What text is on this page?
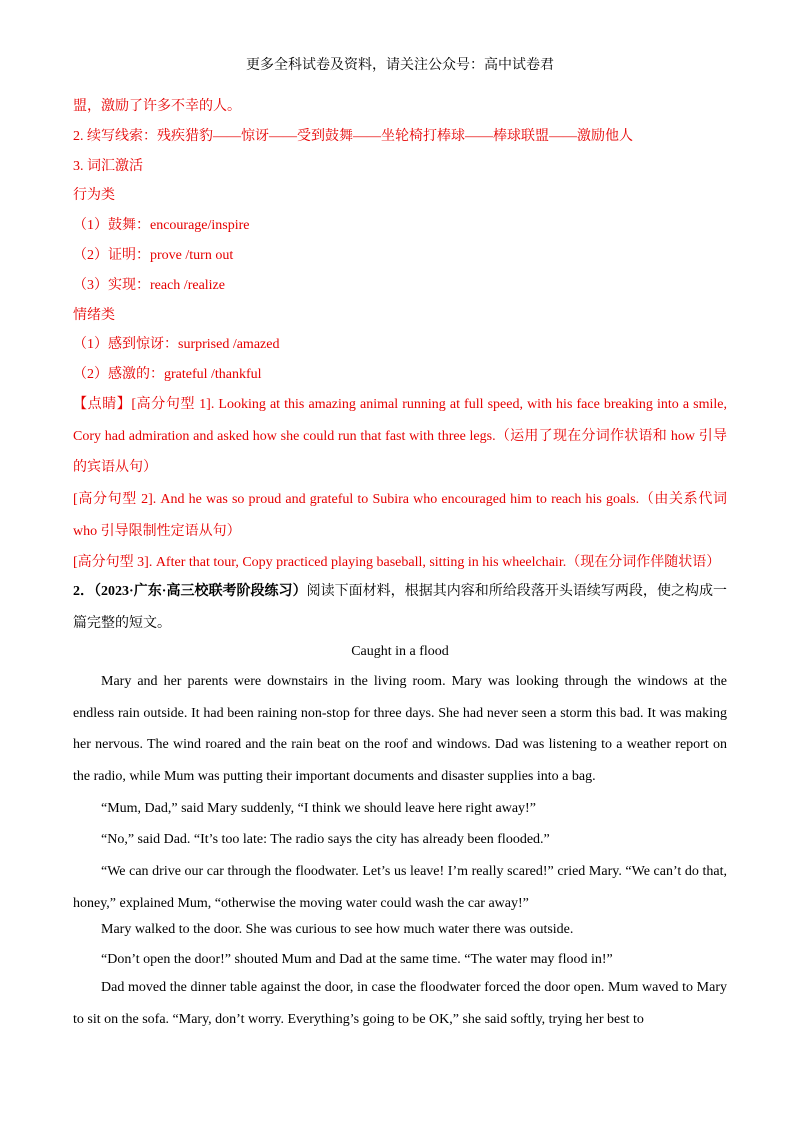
更多全科试卷及资料，请关注公众号：高中试卷君
盟，激励了许多不幸的人。
2. 续写线索：残疾猎豹——惊讶——受到鼓舞——坐轮椅打棒球——棒球联盟——激励他人
3. 词汇激活
行为类
（1）鼓舞：encourage/inspire
（2）证明：prove /turn out
（3）实现：reach /realize
情绪类
（1）感到惊讶：surprised /amazed
（2）感激的：grateful /thankful
【点睛】[高分句型 1]. Looking at this amazing animal running at full speed, with his face breaking into a smile, Cory had admiration and asked how she could run that fast with three legs.（运用了现在分词作状语和 how 引导的宾语从句）
[高分句型 2]. And he was so proud and grateful to Subira who encouraged him to reach his goals.（由关系代词 who 引导限制性定语从句）
[高分句型 3]. After that tour, Copy practiced playing baseball, sitting in his wheelchair.（现在分词作伴随状语）
2．（2023·广东·高三校联考阶段练习）阅读下面材料，根据其内容和所给段落开头语续写两段，使之构成一篇完整的短文。
Caught in a flood
Mary and her parents were downstairs in the living room. Mary was looking through the windows at the endless rain outside. It had been raining non-stop for three days. She had never seen a storm this bad. It was making her nervous. The wind roared and the rain beat on the roof and windows. Dad was listening to a weather report on the radio, while Mum was putting their important documents and disaster supplies into a bag.
“Mum, Dad,” said Mary suddenly, “I think we should leave here right away!”
“No,” said Dad. “It’s too late: The radio says the city has already been flooded.”
“We can drive our car through the floodwater. Let’s us leave! I’m really scared!” cried Mary. “We can’t do that, honey,” explained Mum, “otherwise the moving water could wash the car away!”
Mary walked to the door. She was curious to see how much water there was outside.
“Don’t open the door!” shouted Mum and Dad at the same time. “The water may flood in!”
Dad moved the dinner table against the door, in case the floodwater forced the door open. Mum waved to Mary to sit on the sofa. “Mary, don’t worry. Everything’s going to be OK,” she said softly, trying her best to
